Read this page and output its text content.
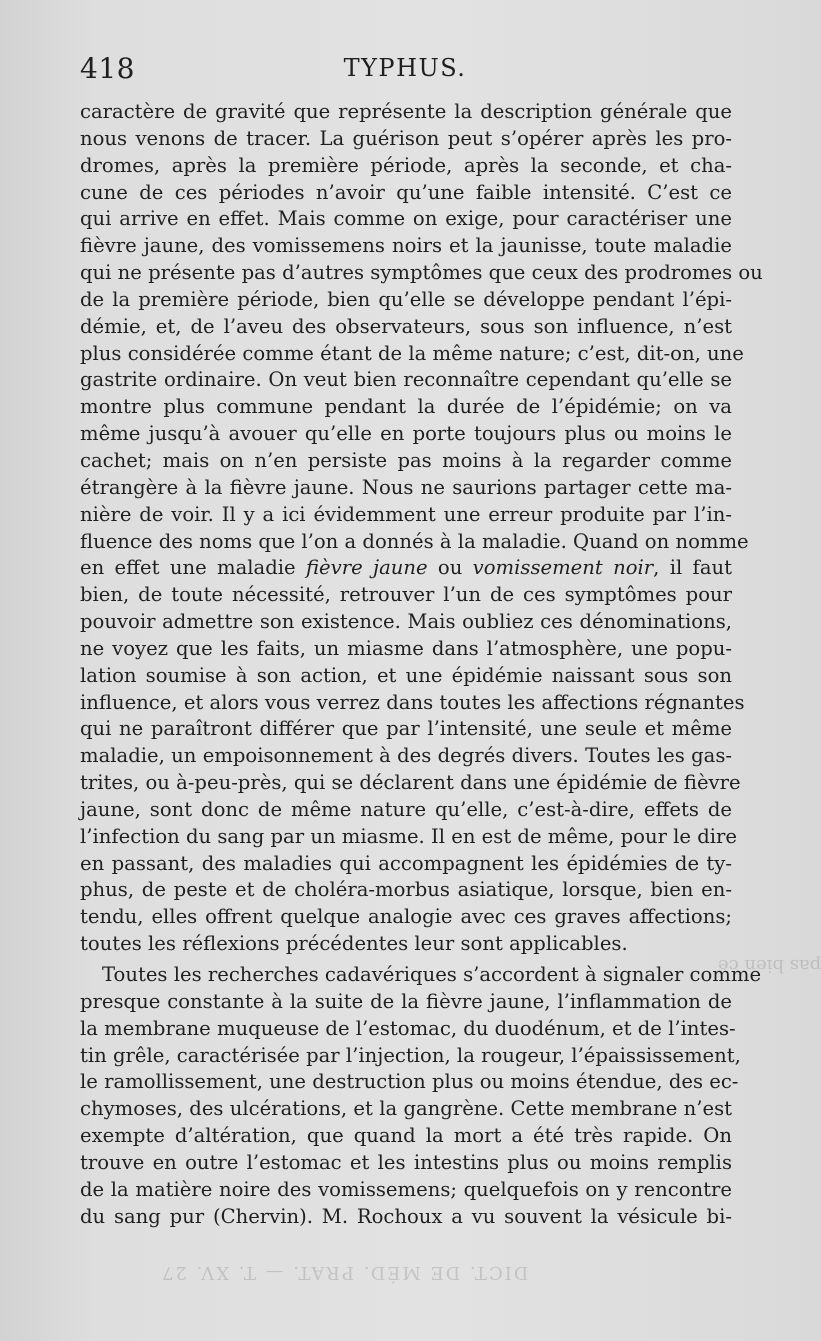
418	TYPHUS.
caractère de gravité que représente la description générale que
nous venons de tracer. La guérison peut s’opérer après les pro-
dromes, après la première période, après la seconde, et cha-
cune de ces périodes n’avoir qu’une faible intensité. C’est ce
qui arrive en effet. Mais comme on exige, pour caractériser une
fièvre jaune, des vomissemens noirs et la jaunisse, toute maladie
qui ne présente pas d’autres symptômes que ceux des prodromes ou
de la première période, bien qu’elle se développe pendant l’épi-
démie, et, de l’aveu des observateurs, sous son influence, n’est
plus considérée comme étant de la même nature; c’est, dit-on, une
gastrite ordinaire. On veut bien reconnaître cependant qu’elle se
montre plus commune pendant la durée de l’épidémie; on va
même jusqu’à avouer qu’elle en porte toujours plus ou moins le
cachet; mais on n’en persiste pas moins à la regarder comme
étrangère à la fièvre jaune. Nous ne saurions partager cette ma-
nière de voir. Il y a ici évidemment une erreur produite par l’in-
fluence des noms que l’on a donnés à la maladie. Quand on nomme
en effet une maladie fièvre jaune ou vomissement noir, il faut
bien, de toute nécessité, retrouver l’un de ces symptômes pour
pouvoir admettre son existence. Mais oubliez ces dénominations,
ne voyez que les faits, un miasme dans l’atmosphère, une popu-
lation soumise à son action, et une épidémie naissant sous son
influence, et alors vous verrez dans toutes les affections régnantes
qui ne paraîtront différer que par l’intensité, une seule et même
maladie, un empoisonnement à des degrés divers. Toutes les gas-
trites, ou à-peu-près, qui se déclarent dans une épidémie de fièvre
jaune, sont donc de même nature qu’elle, c’est-à-dire, effets de
l’infection du sang par un miasme. Il en est de même, pour le dire
en passant, des maladies qui accompagnent les épidémies de ty-
phus, de peste et de choléra-morbus asiatique, lorsque, bien en-
tendu, elles offrent quelque analogie avec ces graves affections;
toutes les réflexions précédentes leur sont applicables.
Toutes les recherches cadavériques s’accordent à signaler comme
presque constante à la suite de la fièvre jaune, l’inflammation de
la membrane muqueuse de l’estomac, du duodénum, et de l’intes-
tin grêle, caractérisée par l’injection, la rougeur, l’épaississement,
le ramollissement, une destruction plus ou moins étendue, des ec-
chymoses, des ulcérations, et la gangrène. Cette membrane n’est
exempte d’altération, que quand la mort a été très rapide. On
trouve en outre l’estomac et les intestins plus ou moins remplis
de la matière noire des vomissemens; quelquefois on y rencontre
du sang pur (Chervin). M. Rochoux a vu souvent la vésicule bi-
DICT. DE MÉD. PRAT. — T. XV. 27
pas bien ce
